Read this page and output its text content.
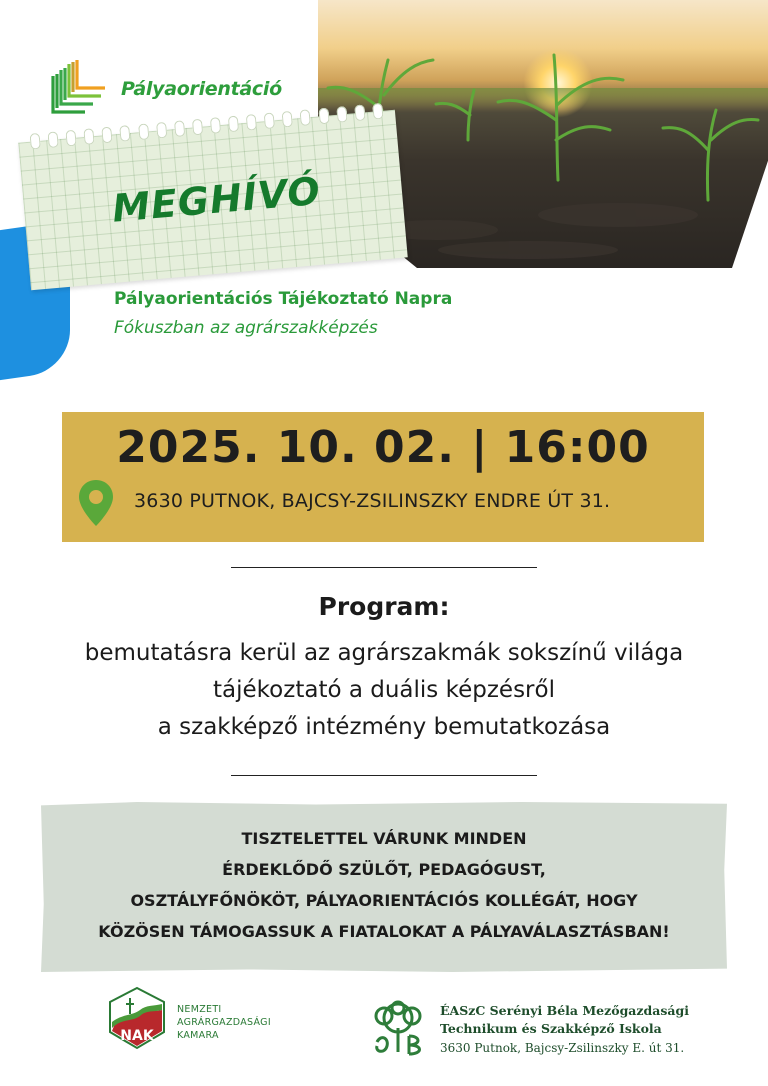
Pályaorientáció
MEGHÍVÓ
Pályaorientációs Tájékoztató Napra
Fókuszban az agrárszakképzés
2025. 10. 02. | 16:00
3630 PUTNOK, BAJCSY-ZSILINSZKY ENDRE ÚT 31.
Program:
bemutatásra kerül az agrárszakmák sokszínű világa
tájékoztató a duális képzésről
a szakképző intézmény bemutatkozása
TISZTELETTEL VÁRUNK MINDEN
ÉRDEKLŐDŐ SZÜLŐT, PEDAGÓGUST,
OSZTÁLYFŐNÖKÖT, PÁLYAORIENTÁCIÓS KOLLÉGÁT, HOGY
KÖZÖSEN TÁMOGASSUK A FIATALOKAT A PÁLYAVÁLASZTÁSBAN!
NAK
NEMZETI
AGRÁRGAZDASÁGI
KAMARA
ÉASzC Serényi Béla Mezőgazdasági
Technikum és Szakképző Iskola
3630 Putnok, Bajcsy-Zsilinszky E. út 31.
